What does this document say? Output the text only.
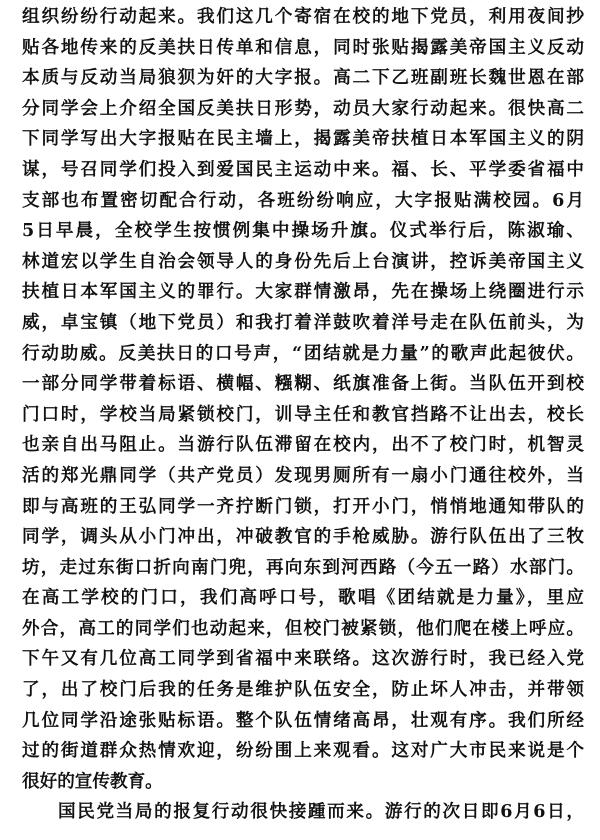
组织纷纷行动起来。我们这几个寄宿在校的地下党员，利用夜间抄
贴各地传来的反美扶日传单和信息，同时张贴揭露美帝国主义反动
本质与反动当局狼狈为奸的大字报。高二下乙班副班长魏世恩在部
分同学会上介绍全国反美扶日形势，动员大家行动起来。很快高二
下同学写出大字报贴在民主墙上，揭露美帝扶植日本军国主义的阴
谋，号召同学们投入到爱国民主运动中来。福、长、平学委省福中
支部也布置密切配合行动，各班纷纷响应，大字报贴满校园。6月
5日早晨，全校学生按惯例集中操场升旗。仪式举行后，陈淑瑜、
林道宏以学生自治会领导人的身份先后上台演讲，控诉美帝国主义
扶植日本军国主义的罪行。大家群情激昂，先在操场上绕圈进行示
威，卓宝镇（地下党员）和我打着洋鼓吹着洋号走在队伍前头，为
行动助威。反美扶日的口号声，“团结就是力量”的歌声此起彼伏。
一部分同学带着标语、横幅、糨糊、纸旗准备上街。当队伍开到校
门口时，学校当局紧锁校门，训导主任和教官挡路不让出去，校长
也亲自出马阻止。当游行队伍滞留在校内，出不了校门时，机智灵
活的郑光鼎同学（共产党员）发现男厕所有一扇小门通往校外，当
即与高班的王弘同学一齐拧断门锁，打开小门，悄悄地通知带队的
同学，调头从小门冲出，冲破教官的手枪威胁。游行队伍出了三牧
坊，走过东街口折向南门兜，再向东到河西路（今五一路）水部门。
在高工学校的门口，我们高呼口号，歌唱《团结就是力量》，里应
外合，高工的同学们也动起来，但校门被紧锁，他们爬在楼上呼应。
下午又有几位高工同学到省福中来联络。这次游行时，我已经入党
了，出了校门后我的任务是维护队伍安全，防止坏人冲击，并带领
几位同学沿途张贴标语。整个队伍情绪高昂，壮观有序。我们所经
过的街道群众热情欢迎，纷纷围上来观看。这对广大市民来说是个
很好的宣传教育。
国民党当局的报复行动很快接踵而来。游行的次日即6月6日，
